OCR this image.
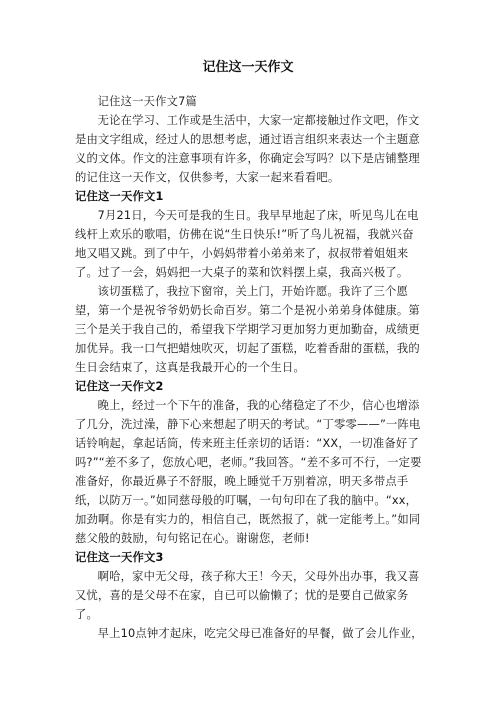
记住这一天作文

记住这一天作文7篇

无论在学习、工作或是生活中，大家一定都接触过作文吧，作文是由文字组成，经过人的思想考虑，通过语言组织来表达一个主题意义的文体。作文的注意事项有许多，你确定会写吗？以下是店铺整理的记住这一天作文，仅供参考，大家一起来看看吧。

记住这一天作文1

7月21日，今天可是我的生日。我早早地起了床，听见鸟儿在电线杆上欢乐的歌唱，仿佛在说“生日快乐!”听了鸟儿祝福，我就兴奋地又唱又跳。到了中午，小妈妈带着小弟弟来了，叔叔带着姐姐来了。过了一会，妈妈把一大桌子的菜和饮料摆上桌，我高兴极了。

该切蛋糕了，我拉下窗帘，关上门，开始许愿。我许了三个愿望，第一个是祝爷爷奶奶长命百岁。第二个是祝小弟弟身体健康。第三个是关于我自己的，希望我下学期学习更加努力更加勤奋，成绩更加优异。我一口气把蜡烛吹灭，切起了蛋糕，吃着香甜的蛋糕，我的生日会结束了，这真是我最开心的一个生日。

记住这一天作文2

晚上，经过一个下午的准备，我的心绪稳定了不少，信心也增添了几分，洗过澡，静下心来想起了明天的考试。“丁零零——”一阵电话铃响起，拿起话筒，传来班主任亲切的话语：“XX，一切准备好了吗?”“差不多了，您放心吧，老师。”我回答。“差不多可不行，一定要准备好，你最近鼻子不舒服，晚上睡觉千万别着凉，明天多带点手纸，以防万一。”如同慈母般的叮嘱，一句句印在了我的脑中。“xx，加劲啊。你是有实力的，相信自己，既然报了，就一定能考上。”如同慈父般的鼓励，句句铭记在心。谢谢您，老师!

记住这一天作文3

啊哈，家中无父母，孩子称大王！今天，父母外出办事，我又喜又忧，喜的是父母不在家，自已可以偷懒了；忧的是要自己做家务了。

早上10点钟才起床，吃完父母已准备好的早餐，做了会儿作业，
